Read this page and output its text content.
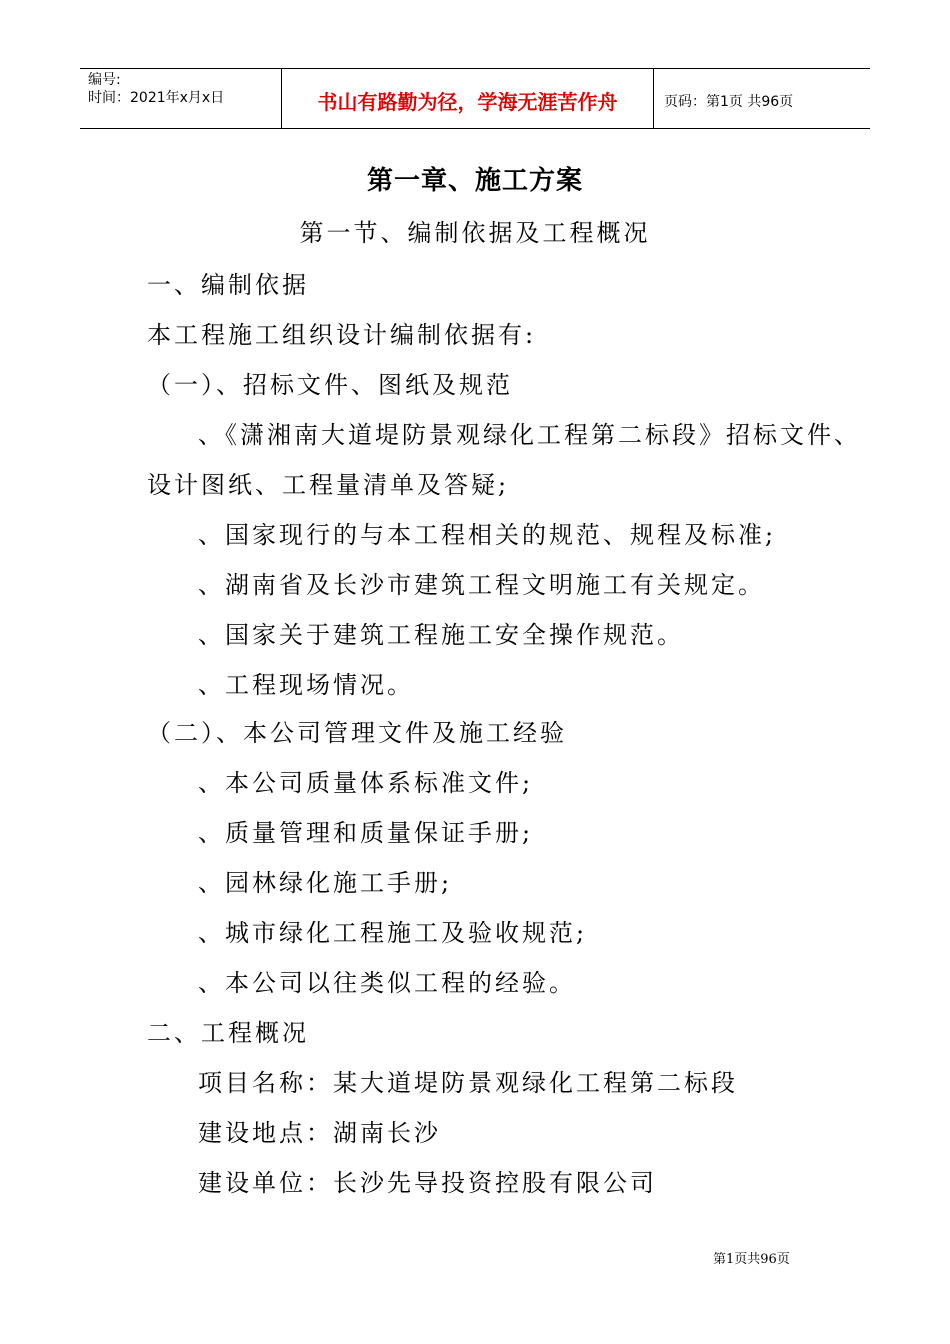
编号:
时间：2021年x月x日	书山有路勤为径，学海无涯苦作舟	页码：第1页 共96页
第一章、施工方案
第一节、编制依据及工程概况
一、编制依据
本工程施工组织设计编制依据有:
（一）、招标文件、图纸及规范
、《潇湘南大道堤防景观绿化工程第二标段》招标文件、
设计图纸、工程量清单及答疑;
、国家现行的与本工程相关的规范、规程及标准;
、湖南省及长沙市建筑工程文明施工有关规定。
、国家关于建筑工程施工安全操作规范。
、工程现场情况。
（二）、本公司管理文件及施工经验
、本公司质量体系标准文件;
、质量管理和质量保证手册;
、园林绿化施工手册;
、城市绿化工程施工及验收规范;
、本公司以往类似工程的经验。
二、工程概况
项目名称：某大道堤防景观绿化工程第二标段
建设地点：湖南长沙
建设单位：长沙先导投资控股有限公司
第1页共96页
